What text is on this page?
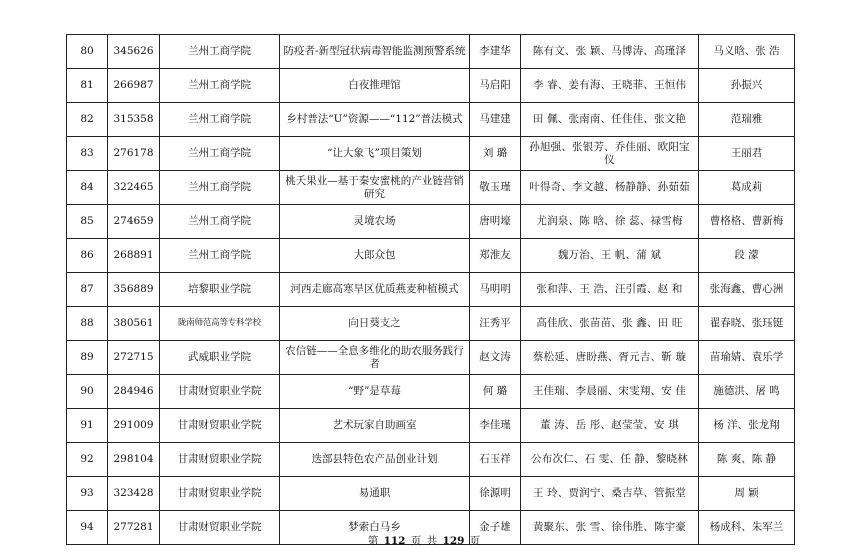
80	345626	兰州工商学院	防疫者-新型冠状病毒智能监测预警系统	李建华	陈有文、张 颖、马博涛、高瑾泽	马义晗、张 浩
81	266987	兰州工商学院	白夜推理馆	马启阳	李 睿、姜有海、王晓菲、王恒伟	孙振兴
82	315358	兰州工商学院	乡村普法“U”资源——“112”普法模式	马建建	田 佩、张南南、任佳佳、张文艳	范瑞雅
83	276178	兰州工商学院	“让大象飞”项目策划	刘 璐	孙旭强、张银芳、乔佳丽、欧阳宝仪	王丽君
84	322465	兰州工商学院	桃夭果业—基于秦安蜜桃的产业链营销研究	敬玉瑾	叶得奇、李文越、杨静静、孙茹茹	葛成莉
85	274659	兰州工商学院	灵境农场	唐明壕	尤润泉、陈 晗、徐 蕊、禄雪梅	曹格格、曹新梅
86	268891	兰州工商学院	大郎众包	郑淮友	魏万治、王 帆、蒲 斌	段 濛
87	356889	培黎职业学院	河西走廊高寒旱区优质燕麦种植模式	马明明	张和萍、王 浩、汪引霞、赵 和	张海鑫、曹心洲
88	380561	陇南师范高等专科学校	向日葵支之	汪秀平	高佳欣、张苗苗、张 鑫、田 旺	翟春晓、张珏铤
89	272715	武威职业学院	农信链——全息多维化的助农服务践行者	赵文涛	蔡松延、唐盼燕、胥元吉、靳 璇	苗瑜婧、袁乐学
90	284946	甘肃财贸职业学院	“野”是草莓	何 璐	王佳瑞、李晨丽、宋雯翔、安 佳	施德洪、屠 鸣
91	291009	甘肃财贸职业学院	艺术玩家自助画室	李佳瑾	董 涛、岳 彤、赵莹莹、安 琪	杨 洋、张龙翔
92	298104	甘肃财贸职业学院	迭部县特色农产品创业计划	石玉祥	公布次仁、石 雯、任 静、黎晓林	陈 爽、陈 静
93	323428	甘肃财贸职业学院	易通职	徐源明	王 玲、贾润宁、桑吉草、管振堂	周 颖
94	277281	甘肃财贸职业学院	梦索白马乡	金子雄	黄聚东、张 雪、徐伟胜、陈宇豪	杨成科、朱军兰
第 112 页 共 129 页
